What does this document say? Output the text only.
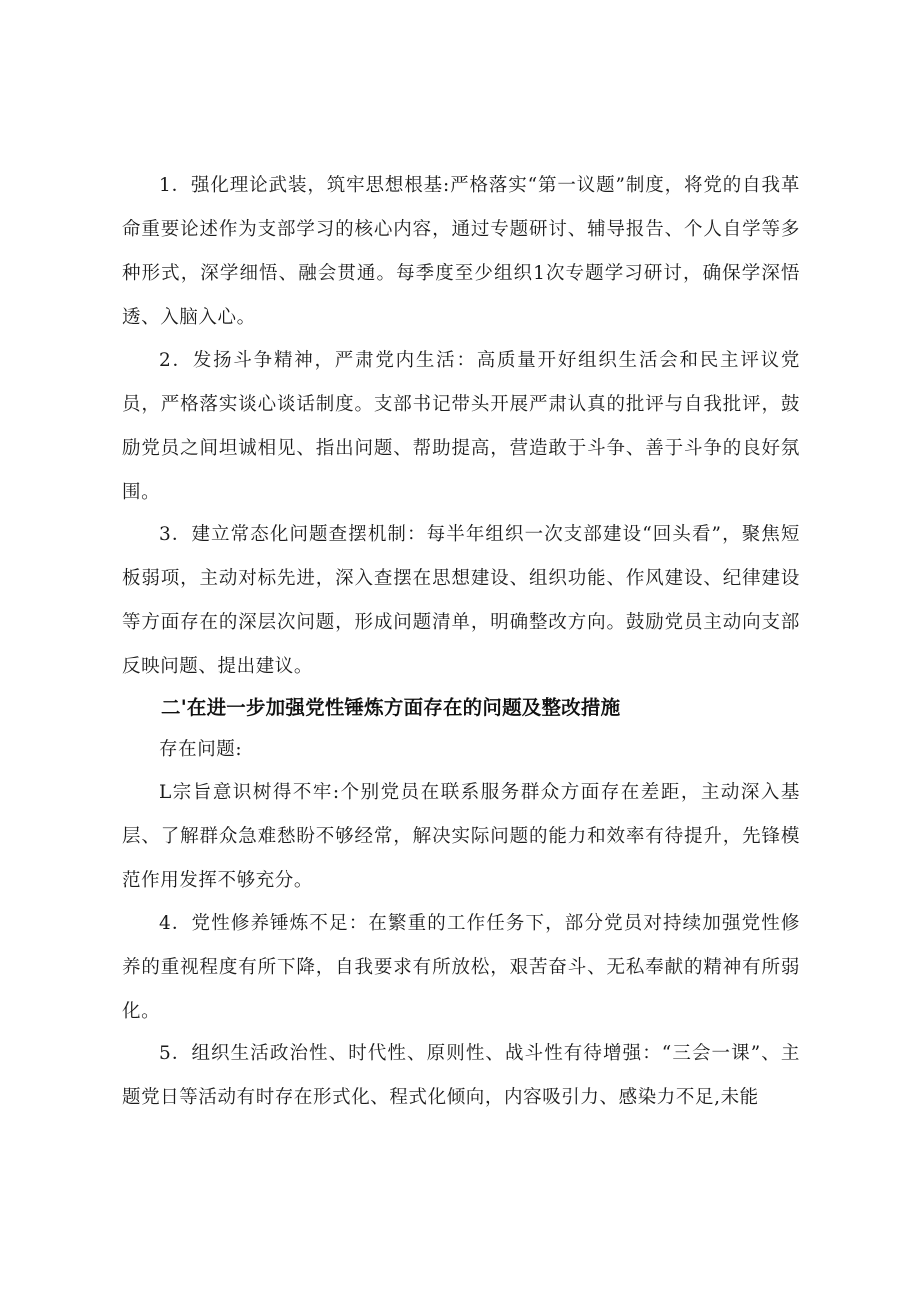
1．强化理论武装，筑牢思想根基:严格落实“第一议题”制度，将党的自我革命重要论述作为支部学习的核心内容，通过专题研讨、辅导报告、个人自学等多种形式，深学细悟、融会贯通。每季度至少组织1次专题学习研讨，确保学深悟透、入脑入心。

2．发扬斗争精神，严肃党内生活：高质量开好组织生活会和民主评议党员，严格落实谈心谈话制度。支部书记带头开展严肃认真的批评与自我批评，鼓励党员之间坦诚相见、指出问题、帮助提高，营造敢于斗争、善于斗争的良好氛围。

3．建立常态化问题查摆机制：每半年组织一次支部建设“回头看”，聚焦短板弱项，主动对标先进，深入查摆在思想建设、组织功能、作风建设、纪律建设等方面存在的深层次问题，形成问题清单，明确整改方向。鼓励党员主动向支部反映问题、提出建议。

二'在进一步加强党性锤炼方面存在的问题及整改措施

存在问题:

L宗旨意识树得不牢:个别党员在联系服务群众方面存在差距，主动深入基层、了解群众急难愁盼不够经常，解决实际问题的能力和效率有待提升，先锋模范作用发挥不够充分。

4．党性修养锤炼不足：在繁重的工作任务下，部分党员对持续加强党性修养的重视程度有所下降，自我要求有所放松，艰苦奋斗、无私奉献的精神有所弱化。

5．组织生活政治性、时代性、原则性、战斗性有待增强：“三会一课”、主题党日等活动有时存在形式化、程式化倾向，内容吸引力、感染力不足,未能
